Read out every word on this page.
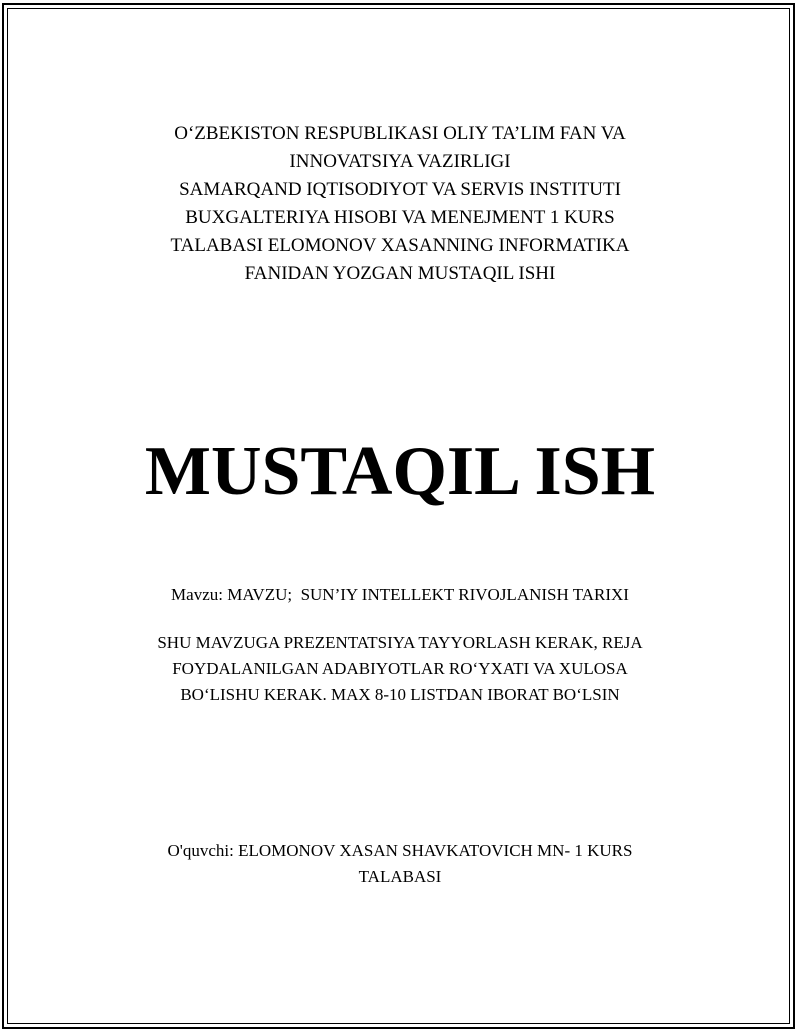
O‘ZBEKISTON RESPUBLIKASI OLIY TA’LIM FAN VA
INNOVATSIYA VAZIRLIGI
SAMARQAND IQTISODIYOT VA SERVIS INSTITUTI
BUXGALTERIYA HISOBI VA MENEJMENT 1 KURS
TALABASI ELOMONOV XASANNING INFORMATIKA
FANIDAN YOZGAN MUSTAQIL ISHI
MUSTAQIL ISH
Mavzu: MAVZU;  SUN’IY INTELLEKT RIVOJLANISH TARIXI
SHU MAVZUGA PREZENTATSIYA TAYYORLASH KERAK, REJA
FOYDALANILGAN ADABIYOTLAR RO‘YXATI VA XULOSA
BO‘LISHU KERAK. MAX 8-10 LISTDAN IBORAT BO‘LSIN
O'quvchi: ELOMONOV XASAN SHAVKATOVICH MN- 1 KURS
TALABASI
